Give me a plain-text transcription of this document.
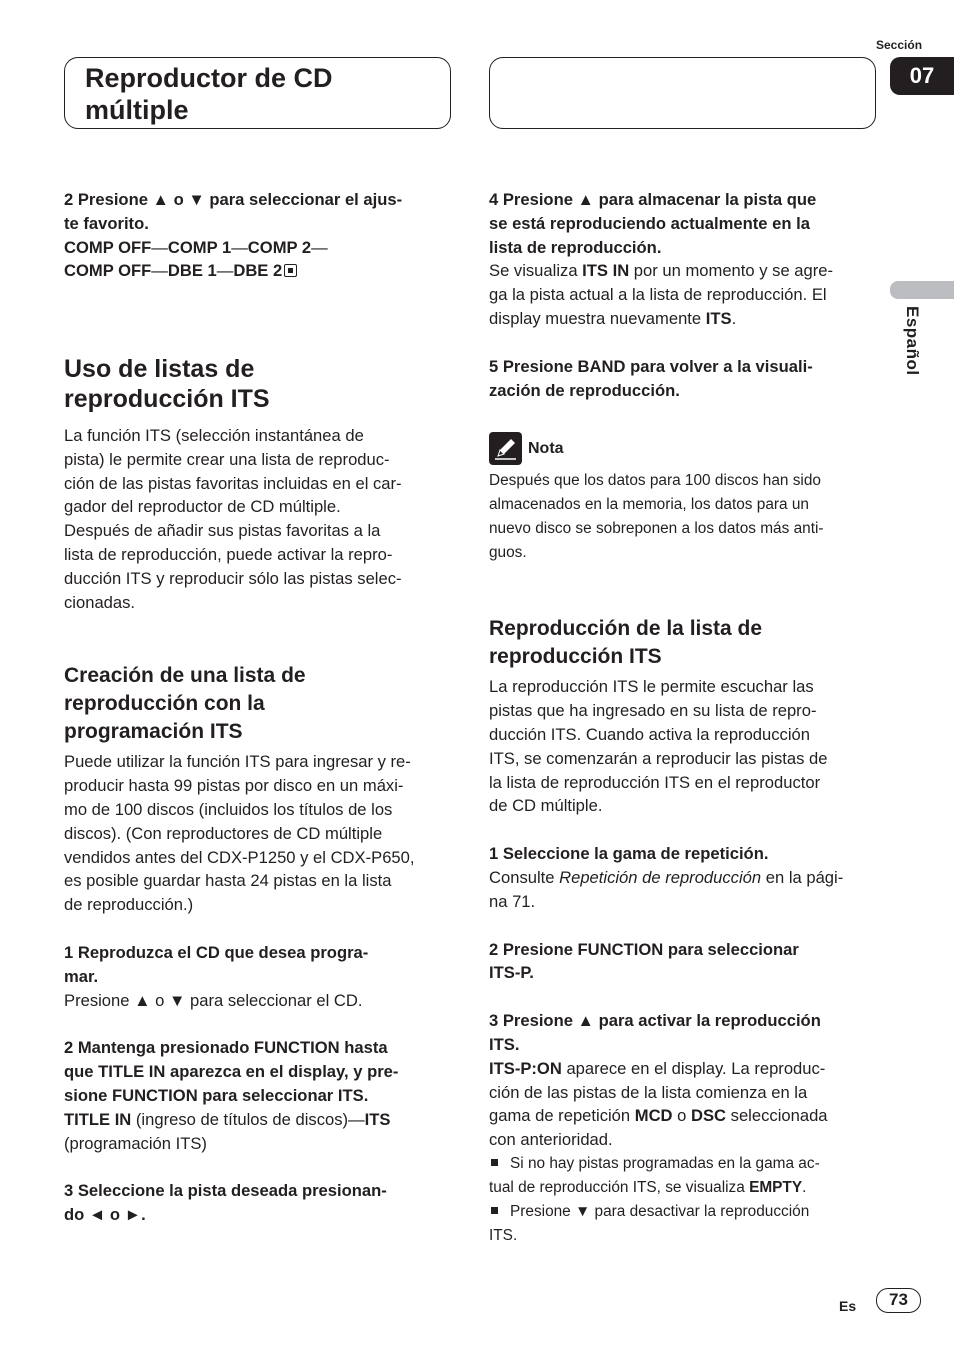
Reproductor de CD
múltiple
Sección
07
Español

2 Presione ▲ o ▼ para seleccionar el ajus-
te favorito.

COMP OFF—COMP 1—COMP 2—

COMP OFF—DBE 1—DBE 2

Uso de listas de
reproducción ITS

La función ITS (selección instantánea de
pista) le permite crear una lista de reproduc-
ción de las pistas favoritas incluidas en el car-
gador del reproductor de CD múltiple.
Después de añadir sus pistas favoritas a la
lista de reproducción, puede activar la repro-
ducción ITS y reproducir sólo las pistas selec-
cionadas.

Creación de una lista de
reproducción con la
programación ITS

Puede utilizar la función ITS para ingresar y re-
producir hasta 99 pistas por disco en un máxi-
mo de 100 discos (incluidos los títulos de los
discos). (Con reproductores de CD múltiple
vendidos antes del CDX-P1250 y el CDX-P650,
es posible guardar hasta 24 pistas en la lista
de reproducción.)

1 Reproduzca el CD que desea progra-
mar.

Presione ▲ o ▼ para seleccionar el CD.

2 Mantenga presionado FUNCTION hasta
que TITLE IN aparezca en el display, y pre-
sione FUNCTION para seleccionar ITS.

TITLE IN (ingreso de títulos de discos)—ITS
(programación ITS)

3 Seleccione la pista deseada presionan-
do ◄ o ►.

4 Presione ▲ para almacenar la pista que
se está reproduciendo actualmente en la
lista de reproducción.

Se visualiza ITS IN por un momento y se agre-
ga la pista actual a la lista de reproducción. El
display muestra nuevamente ITS.

5 Presione BAND para volver a la visuali-
zación de reproducción.

Nota

Después que los datos para 100 discos han sido
almacenados en la memoria, los datos para un
nuevo disco se sobreponen a los datos más anti-
guos.

Reproducción de la lista de
reproducción ITS

La reproducción ITS le permite escuchar las
pistas que ha ingresado en su lista de repro-
ducción ITS. Cuando activa la reproducción
ITS, se comenzarán a reproducir las pistas de
la lista de reproducción ITS en el reproductor
de CD múltiple.

1 Seleccione la gama de repetición.

Consulte Repetición de reproducción en la pági-
na 71.

2 Presione FUNCTION para seleccionar
ITS-P.

3 Presione ▲ para activar la reproducción
ITS.

ITS-P:ON aparece en el display. La reproduc-
ción de las pistas de la lista comienza en la
gama de repetición MCD o DSC seleccionada
con anterioridad.

Si no hay pistas programadas en la gama ac-
tual de reproducción ITS, se visualiza EMPTY.

Presione ▼ para desactivar la reproducción
ITS.

Es	73
